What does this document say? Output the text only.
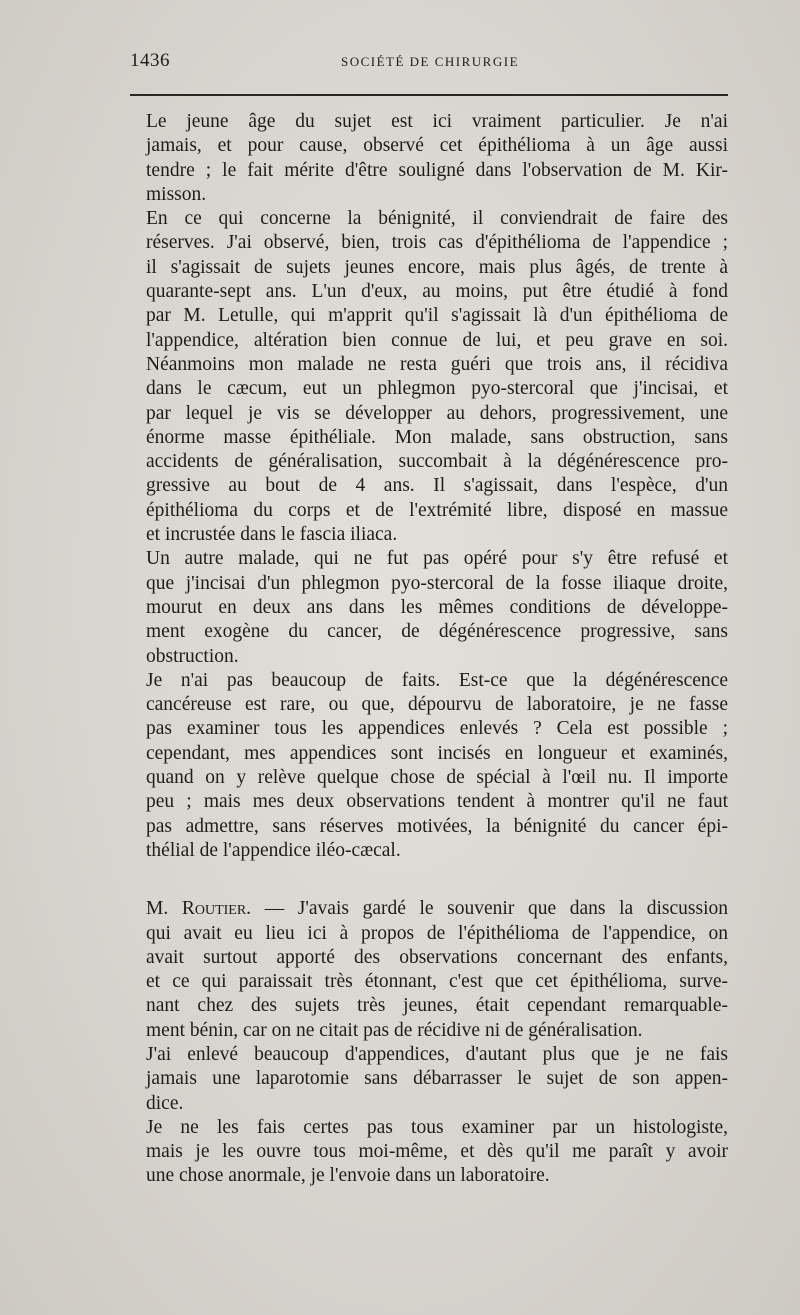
1436	SOCIÉTÉ DE CHIRURGIE

Le jeune âge du sujet est ici vraiment particulier. Je n'ai
jamais, et pour cause, observé cet épithélioma à un âge aussi
tendre ; le fait mérite d'être souligné dans l'observation de M. Kir-
misson.

En ce qui concerne la bénignité, il conviendrait de faire des
réserves. J'ai observé, bien, trois cas d'épithélioma de l'appendice ;
il s'agissait de sujets jeunes encore, mais plus âgés, de trente à
quarante-sept ans. L'un d'eux, au moins, put être étudié à fond
par M. Letulle, qui m'apprit qu'il s'agissait là d'un épithélioma de
l'appendice, altération bien connue de lui, et peu grave en soi.
Néanmoins mon malade ne resta guéri que trois ans, il récidiva
dans le cæcum, eut un phlegmon pyo-stercoral que j'incisai, et
par lequel je vis se développer au dehors, progressivement, une
énorme masse épithéliale. Mon malade, sans obstruction, sans
accidents de généralisation, succombait à la dégénérescence pro-
gressive au bout de 4 ans. Il s'agissait, dans l'espèce, d'un
épithélioma du corps et de l'extrémité libre, disposé en massue
et incrustée dans le fascia iliaca.

Un autre malade, qui ne fut pas opéré pour s'y être refusé et
que j'incisai d'un phlegmon pyo-stercoral de la fosse iliaque droite,
mourut en deux ans dans les mêmes conditions de développe-
ment exogène du cancer, de dégénérescence progressive, sans
obstruction.

Je n'ai pas beaucoup de faits. Est-ce que la dégénérescence
cancéreuse est rare, ou que, dépourvu de laboratoire, je ne fasse
pas examiner tous les appendices enlevés ? Cela est possible ;
cependant, mes appendices sont incisés en longueur et examinés,
quand on y relève quelque chose de spécial à l'œil nu. Il importe
peu ; mais mes deux observations tendent à montrer qu'il ne faut
pas admettre, sans réserves motivées, la bénignité du cancer épi-
thélial de l'appendice iléo-cæcal.

M. Routier. — J'avais gardé le souvenir que dans la discussion
qui avait eu lieu ici à propos de l'épithélioma de l'appendice, on
avait surtout apporté des observations concernant des enfants,
et ce qui paraissait très étonnant, c'est que cet épithélioma, surve-
nant chez des sujets très jeunes, était cependant remarquable-
ment bénin, car on ne citait pas de récidive ni de généralisation.

J'ai enlevé beaucoup d'appendices, d'autant plus que je ne fais
jamais une laparotomie sans débarrasser le sujet de son appen-
dice.

Je ne les fais certes pas tous examiner par un histologiste,
mais je les ouvre tous moi-même, et dès qu'il me paraît y avoir
une chose anormale, je l'envoie dans un laboratoire.
